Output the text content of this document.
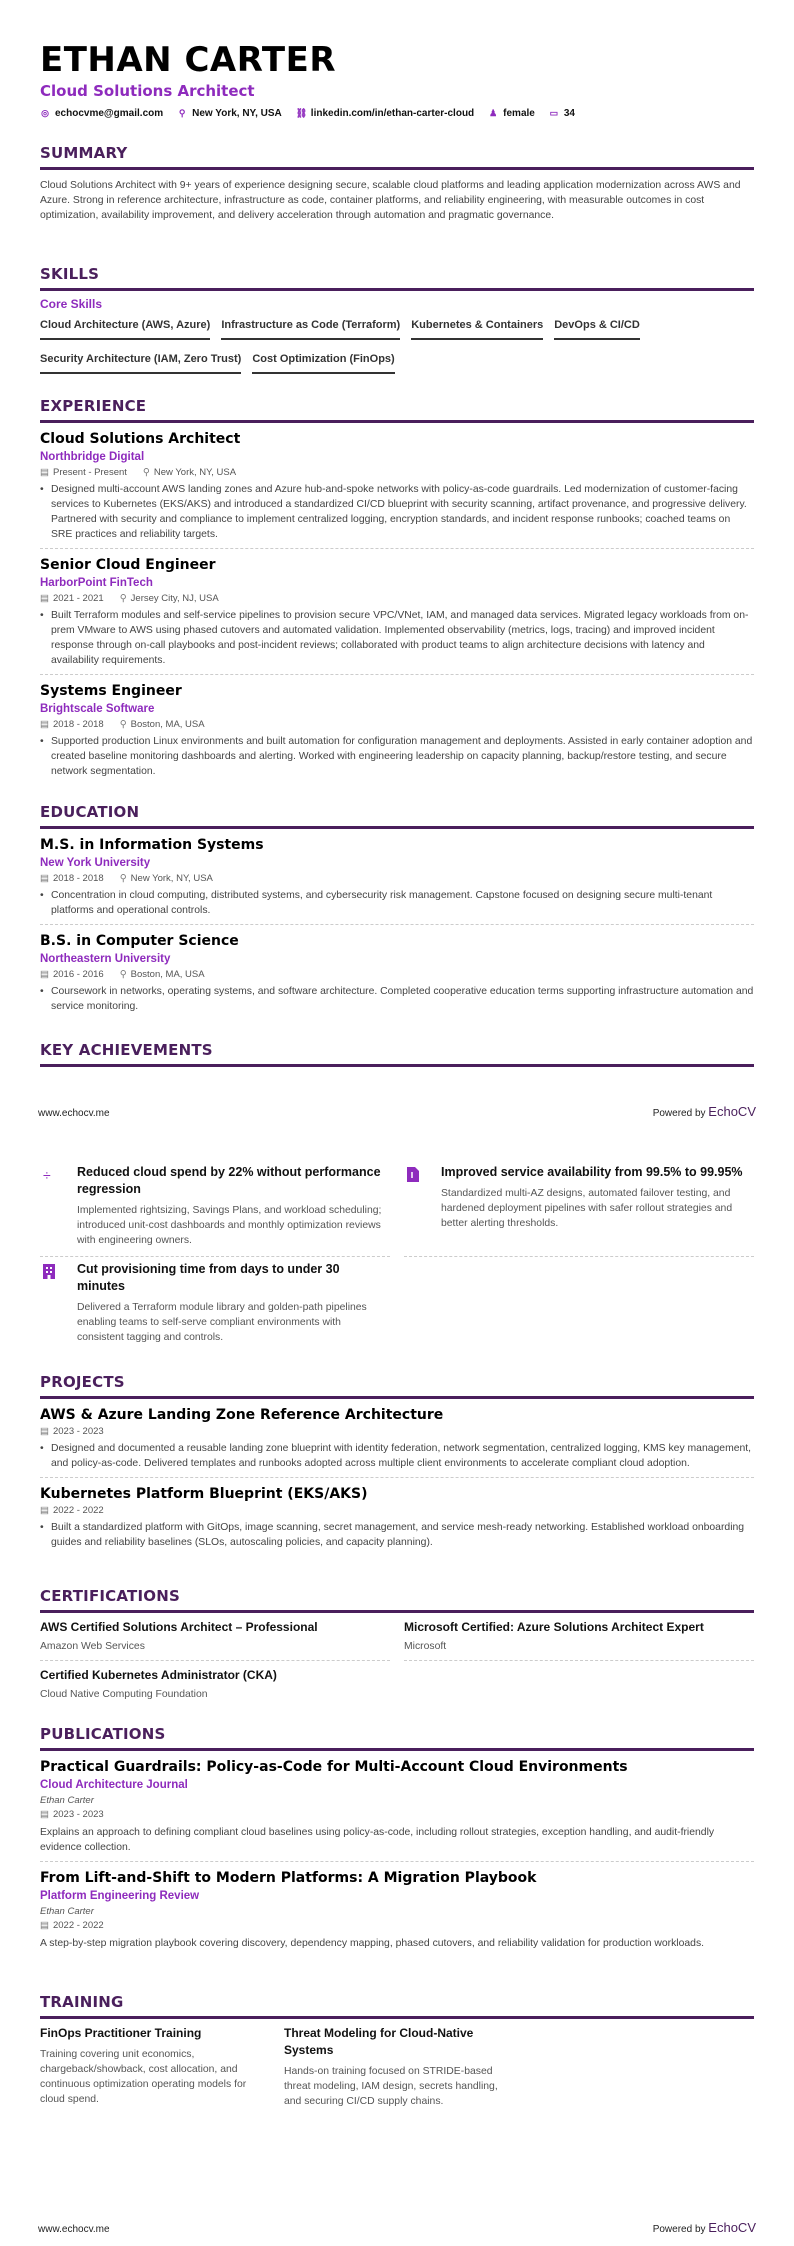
ETHAN CARTER
Cloud Solutions Architect
◎ echocvme@gmail.com ⚲ New York, NY, USA ⛓ linkedin.com/in/ethan-carter-cloud ♟ female ▭ 34
SUMMARY
Cloud Solutions Architect with 9+ years of experience designing secure, scalable cloud platforms and leading application modernization across AWS and Azure. Strong in reference architecture, infrastructure as code, container platforms, and reliability engineering, with measurable outcomes in cost optimization, availability improvement, and delivery acceleration through automation and pragmatic governance.
SKILLS
Core Skills
Cloud Architecture (AWS, Azure) Infrastructure as Code (Terraform) Kubernetes & Containers DevOps & CI/CD
Security Architecture (IAM, Zero Trust) Cost Optimization (FinOps)
EXPERIENCE
Cloud Solutions Architect
Northbridge Digital
▤ Present - Present ⚲ New York, NY, USA
• Designed multi-account AWS landing zones and Azure hub-and-spoke networks with policy-as-code guardrails. Led modernization of customer-facing services to Kubernetes (EKS/AKS) and introduced a standardized CI/CD blueprint with security scanning, artifact provenance, and progressive delivery. Partnered with security and compliance to implement centralized logging, encryption standards, and incident response runbooks; coached teams on SRE practices and reliability targets.
Senior Cloud Engineer
HarborPoint FinTech
▤ 2021 - 2021 ⚲ Jersey City, NJ, USA
• Built Terraform modules and self-service pipelines to provision secure VPC/VNet, IAM, and managed data services. Migrated legacy workloads from on-prem VMware to AWS using phased cutovers and automated validation. Implemented observability (metrics, logs, tracing) and improved incident response through on-call playbooks and post-incident reviews; collaborated with product teams to align architecture decisions with latency and availability requirements.
Systems Engineer
Brightscale Software
▤ 2018 - 2018 ⚲ Boston, MA, USA
• Supported production Linux environments and built automation for configuration management and deployments. Assisted in early container adoption and created baseline monitoring dashboards and alerting. Worked with engineering leadership on capacity planning, backup/restore testing, and secure network segmentation.
EDUCATION
M.S. in Information Systems
New York University
▤ 2018 - 2018 ⚲ New York, NY, USA
• Concentration in cloud computing, distributed systems, and cybersecurity risk management. Capstone focused on designing secure multi-tenant platforms and operational controls.
B.S. in Computer Science
Northeastern University
▤ 2016 - 2016 ⚲ Boston, MA, USA
• Coursework in networks, operating systems, and software architecture. Completed cooperative education terms supporting infrastructure automation and service monitoring.
KEY ACHIEVEMENTS
www.echocv.me	Powered by EchoCV
÷	Reduced cloud spend by 22% without performance regression
Implemented rightsizing, Savings Plans, and workload scheduling; introduced unit-cost dashboards and monthly optimization reviews with engineering owners.
Improved service availability from 99.5% to 99.95%
Standardized multi-AZ designs, automated failover testing, and hardened deployment pipelines with safer rollout strategies and better alerting thresholds.
Cut provisioning time from days to under 30 minutes
Delivered a Terraform module library and golden-path pipelines enabling teams to self-serve compliant environments with consistent tagging and controls.
PROJECTS
AWS & Azure Landing Zone Reference Architecture
▤ 2023 - 2023
• Designed and documented a reusable landing zone blueprint with identity federation, network segmentation, centralized logging, KMS key management, and policy-as-code. Delivered templates and runbooks adopted across multiple client environments to accelerate compliant cloud adoption.
Kubernetes Platform Blueprint (EKS/AKS)
▤ 2022 - 2022
• Built a standardized platform with GitOps, image scanning, secret management, and service mesh-ready networking. Established workload onboarding guides and reliability baselines (SLOs, autoscaling policies, and capacity planning).
CERTIFICATIONS
AWS Certified Solutions Architect – Professional
Amazon Web Services
Microsoft Certified: Azure Solutions Architect Expert
Microsoft
Certified Kubernetes Administrator (CKA)
Cloud Native Computing Foundation
PUBLICATIONS
Practical Guardrails: Policy-as-Code for Multi-Account Cloud Environments
Cloud Architecture Journal
Ethan Carter
▤ 2023 - 2023
Explains an approach to defining compliant cloud baselines using policy-as-code, including rollout strategies, exception handling, and audit-friendly evidence collection.
From Lift-and-Shift to Modern Platforms: A Migration Playbook
Platform Engineering Review
Ethan Carter
▤ 2022 - 2022
A step-by-step migration playbook covering discovery, dependency mapping, phased cutovers, and reliability validation for production workloads.
TRAINING
FinOps Practitioner Training
Training covering unit economics, chargeback/showback, cost allocation, and continuous optimization operating models for cloud spend.
Threat Modeling for Cloud-Native Systems
Hands-on training focused on STRIDE-based threat modeling, IAM design, secrets handling, and securing CI/CD supply chains.
www.echocv.me	Powered by EchoCV
